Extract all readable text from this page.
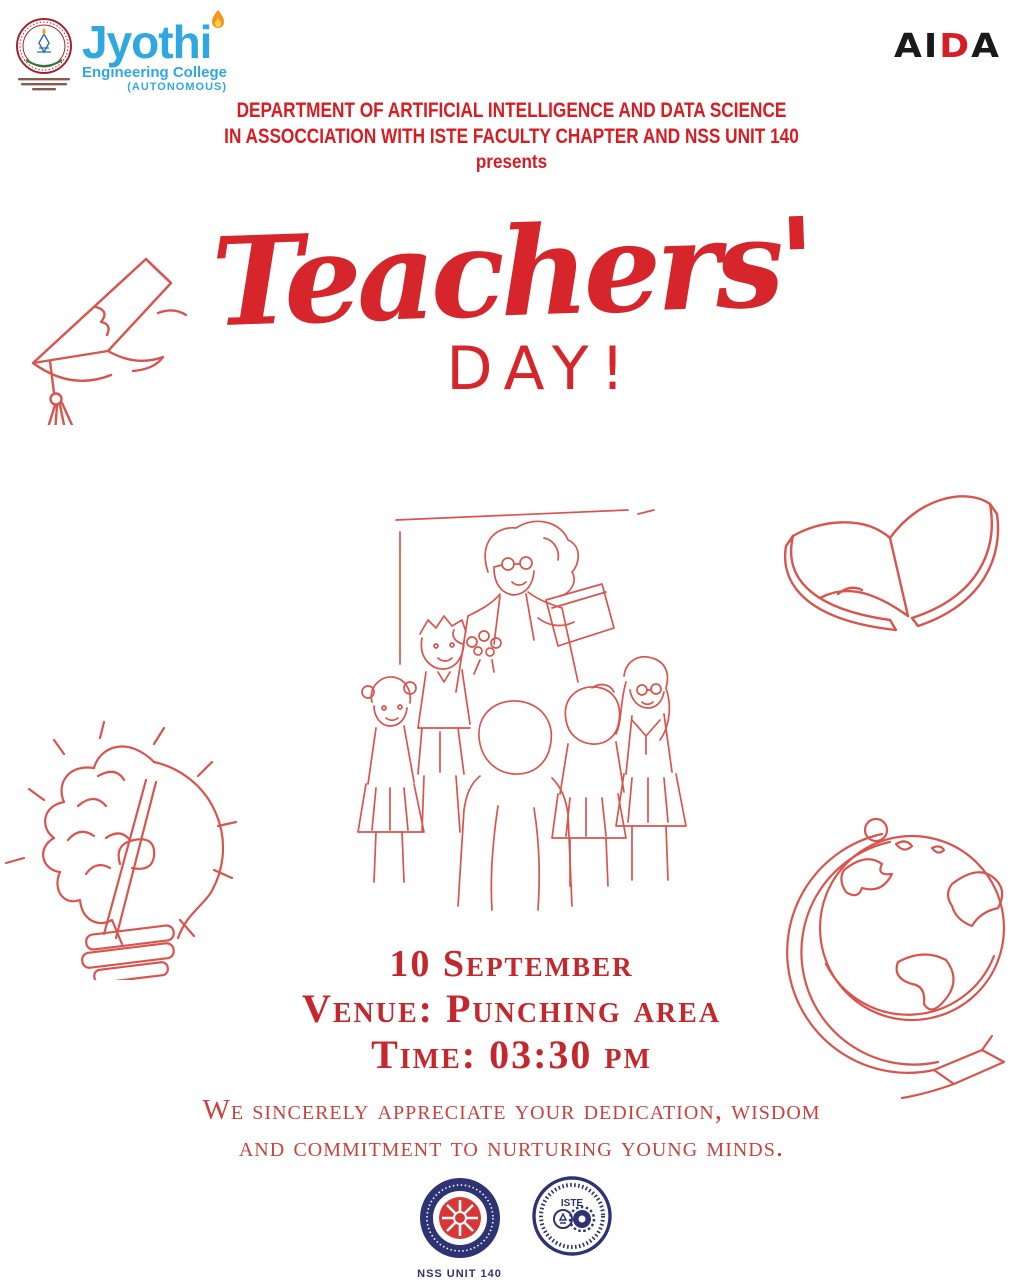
Jyothi
Engineering College
(AUTONOMOUS)
AIDA
DEPARTMENT OF ARTIFICIAL INTELLIGENCE AND DATA SCIENCE
IN ASSOCCIATION WITH ISTE FACULTY CHAPTER AND NSS UNIT 140
presents
Teachers'
DAY!
10 September
Venue: Punching area
Time: 03:30 pm
We sincerely appreciate your dedication, wisdom
and commitment to nurturing young minds.
NSS UNIT 140
ISTE
